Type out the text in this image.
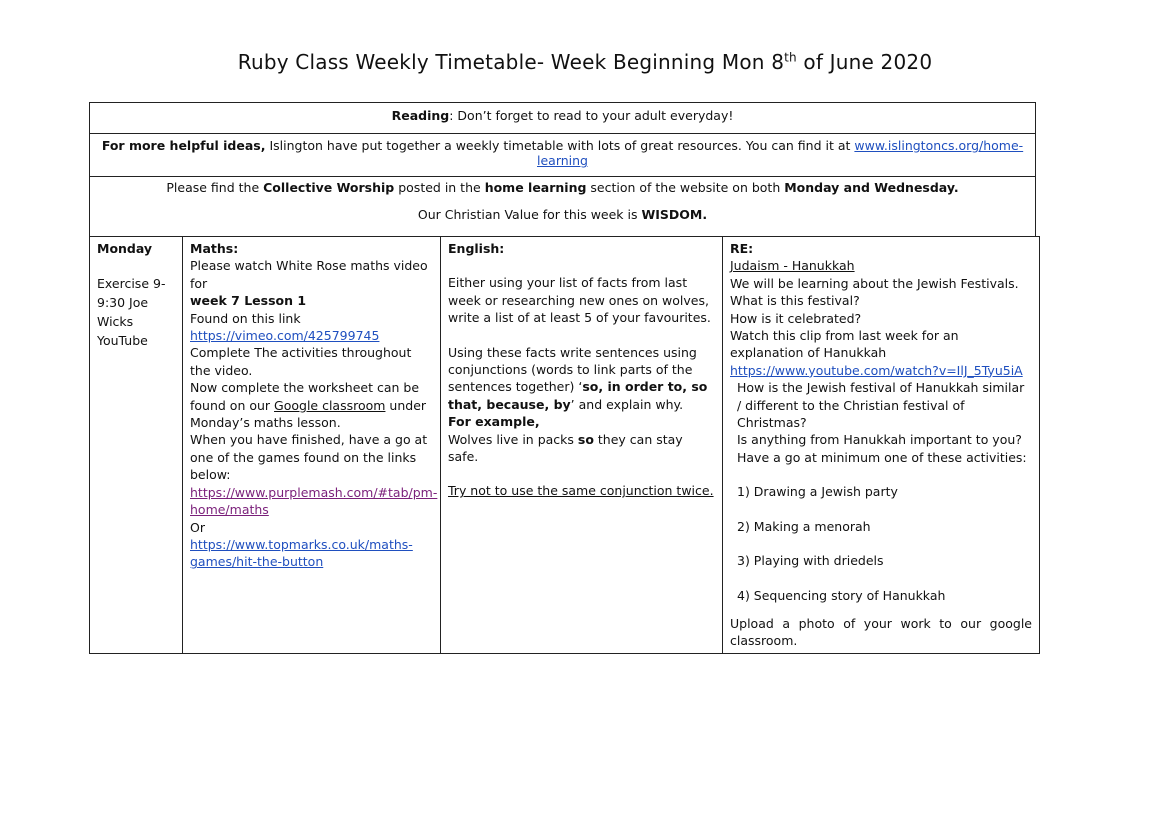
Ruby Class Weekly Timetable- Week Beginning Mon 8th of June 2020
Reading: Don’t forget to read to your adult everyday!
For more helpful ideas, Islington have put together a weekly timetable with lots of great resources. You can find it at www.islingtoncs.org/home-learning

Please find the Collective Worship posted in the home learning section of the website on both Monday and Wednesday.

Our Christian Value for this week is WISDOM.

Monday
Exercise 9-9:30 Joe Wicks YouTube
	Maths:
Please watch White Rose maths video for
week 7 Lesson 1
Found on this link
https://vimeo.com/425799745
Complete The activities throughout the video.
Now complete the worksheet can be found on our Google classroom under Monday’s maths lesson.
When you have finished, have a go at one of the games found on the links below:
https://www.purplemash.com/#tab/pm-home/maths
Or
https://www.topmarks.co.uk/maths-games/hit-the-button	English:
Either using your list of facts from last week or researching new ones on wolves, write a list of at least 5 of your favourites.
Using these facts write sentences using conjunctions (words to link parts of the sentences together) ‘so, in order to, so that, because, by’ and explain why.
For example,
Wolves live in packs so they can stay safe.
Try not to use the same conjunction twice.
	RE:
Judaism - Hanukkah
We will be learning about the Jewish Festivals.
What is this festival?
How is it celebrated?
Watch this clip from last week for an explanation of Hanukkah
https://www.youtube.com/watch?v=IlJ_5Tyu5iA
How is the Jewish festival of Hanukkah similar / different to the Christian festival of Christmas?
Is anything from Hanukkah important to you?
Have a go at minimum one of these activities:
1) Drawing a Jewish party
2) Making a menorah
3) Playing with driedels
4) Sequencing story of Hanukkah
Upload a photo of your work to our google classroom.
